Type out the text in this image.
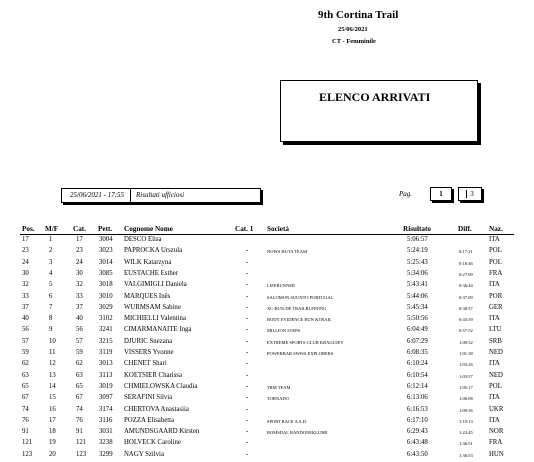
9th Cortina Trail
25/06/2021
CT - Femminile
ELENCO ARRIVATI
25/06/2021 - 17:55 Risultati ufficiosi	Pag.	1	3
Pos. M/F Cat. Pett. Cognome Nome	Cat. 1 Società	Risultato	Diff. Naz.
17	1	17 3004 DESCO Elisa	5:06:57	ITA
23	2	23 3023 PAPROCKA Urszula	-	NOWA HUTA TEAM	5:24:19	0:17:21 POL
24	3	24 3014 WILK Katarzyna	-	5:25:43	0:18:46 POL
30	4	30 3085 EUSTACHE Esther	-	5:34:06	0:27:09 FRA
32	5	32 3018 VALGIMIGLI Daniela	-	LIFERUNNER	5:43:41	0:36:44 ITA
33	6	33 3010 MARQUES Inês	-	SALOMON SUUNTO PORTUGAL	5:44:06	0:37:09 POR
37	7	37 3029 WURMSAM Sabine	-	XC-RUN.DE TRAILRUNNING	5:45:34	0:38:37 GER
40	8	40 3102 MICHIELLI Valentina	-	BODY EVIDENCE RUN &TRAIL	5:50:56	0:43:59 ITA
56	9	56 3241 CIMARMANAITE Inga	-	MILLION STEPS	6:04:49	0:57:52 LTU
57	10	57 3215 DJURIC Snezana	-	EXTREME SPORTS CLUB KRAGUJEV	6:07:29	1:00:32 SRB
59	11	59 3119 VISSERS Yvonne	-	POWERBAR SWISS EXPLORERS	6:08:35	1:01:38 NED
62	12	62 3013 CHENET Shari	-	6:10:24	1:03:26 ITA
63	13	63 3113 KOETSIER Charissa	-	6:10:54	1:03:57 NED
65	14	65 3019 CHMIELOWSKA Claudia	-	TRM TEAM	6:12:14	1:05:17 POL
67	15	67 3097 SERAFINI Silvia	-	TORNADO	6:13:06	1:06:08 ITA
74	16	74 3174 CHERTOVA Anastasiia	-	6:16:53	1:09:56 UKR
76	17	76 3116 POZZA Elisabetta	-	SPORT RACE A.S.D.	6:17:10	1:10:13 ITA
91	18	91 3031 AMUNDSGAARD Kirsten	-	ROMSDAL RANDONEKLUBB	6:29:43	1:22:45 NOR
121 19	121 3238 HOLVECK Caroline	-	6:43:48	1:36:51 FRA
123 20	123 3299 NAGY Szilvia	-	6:43:50	1:36:53 HUN
